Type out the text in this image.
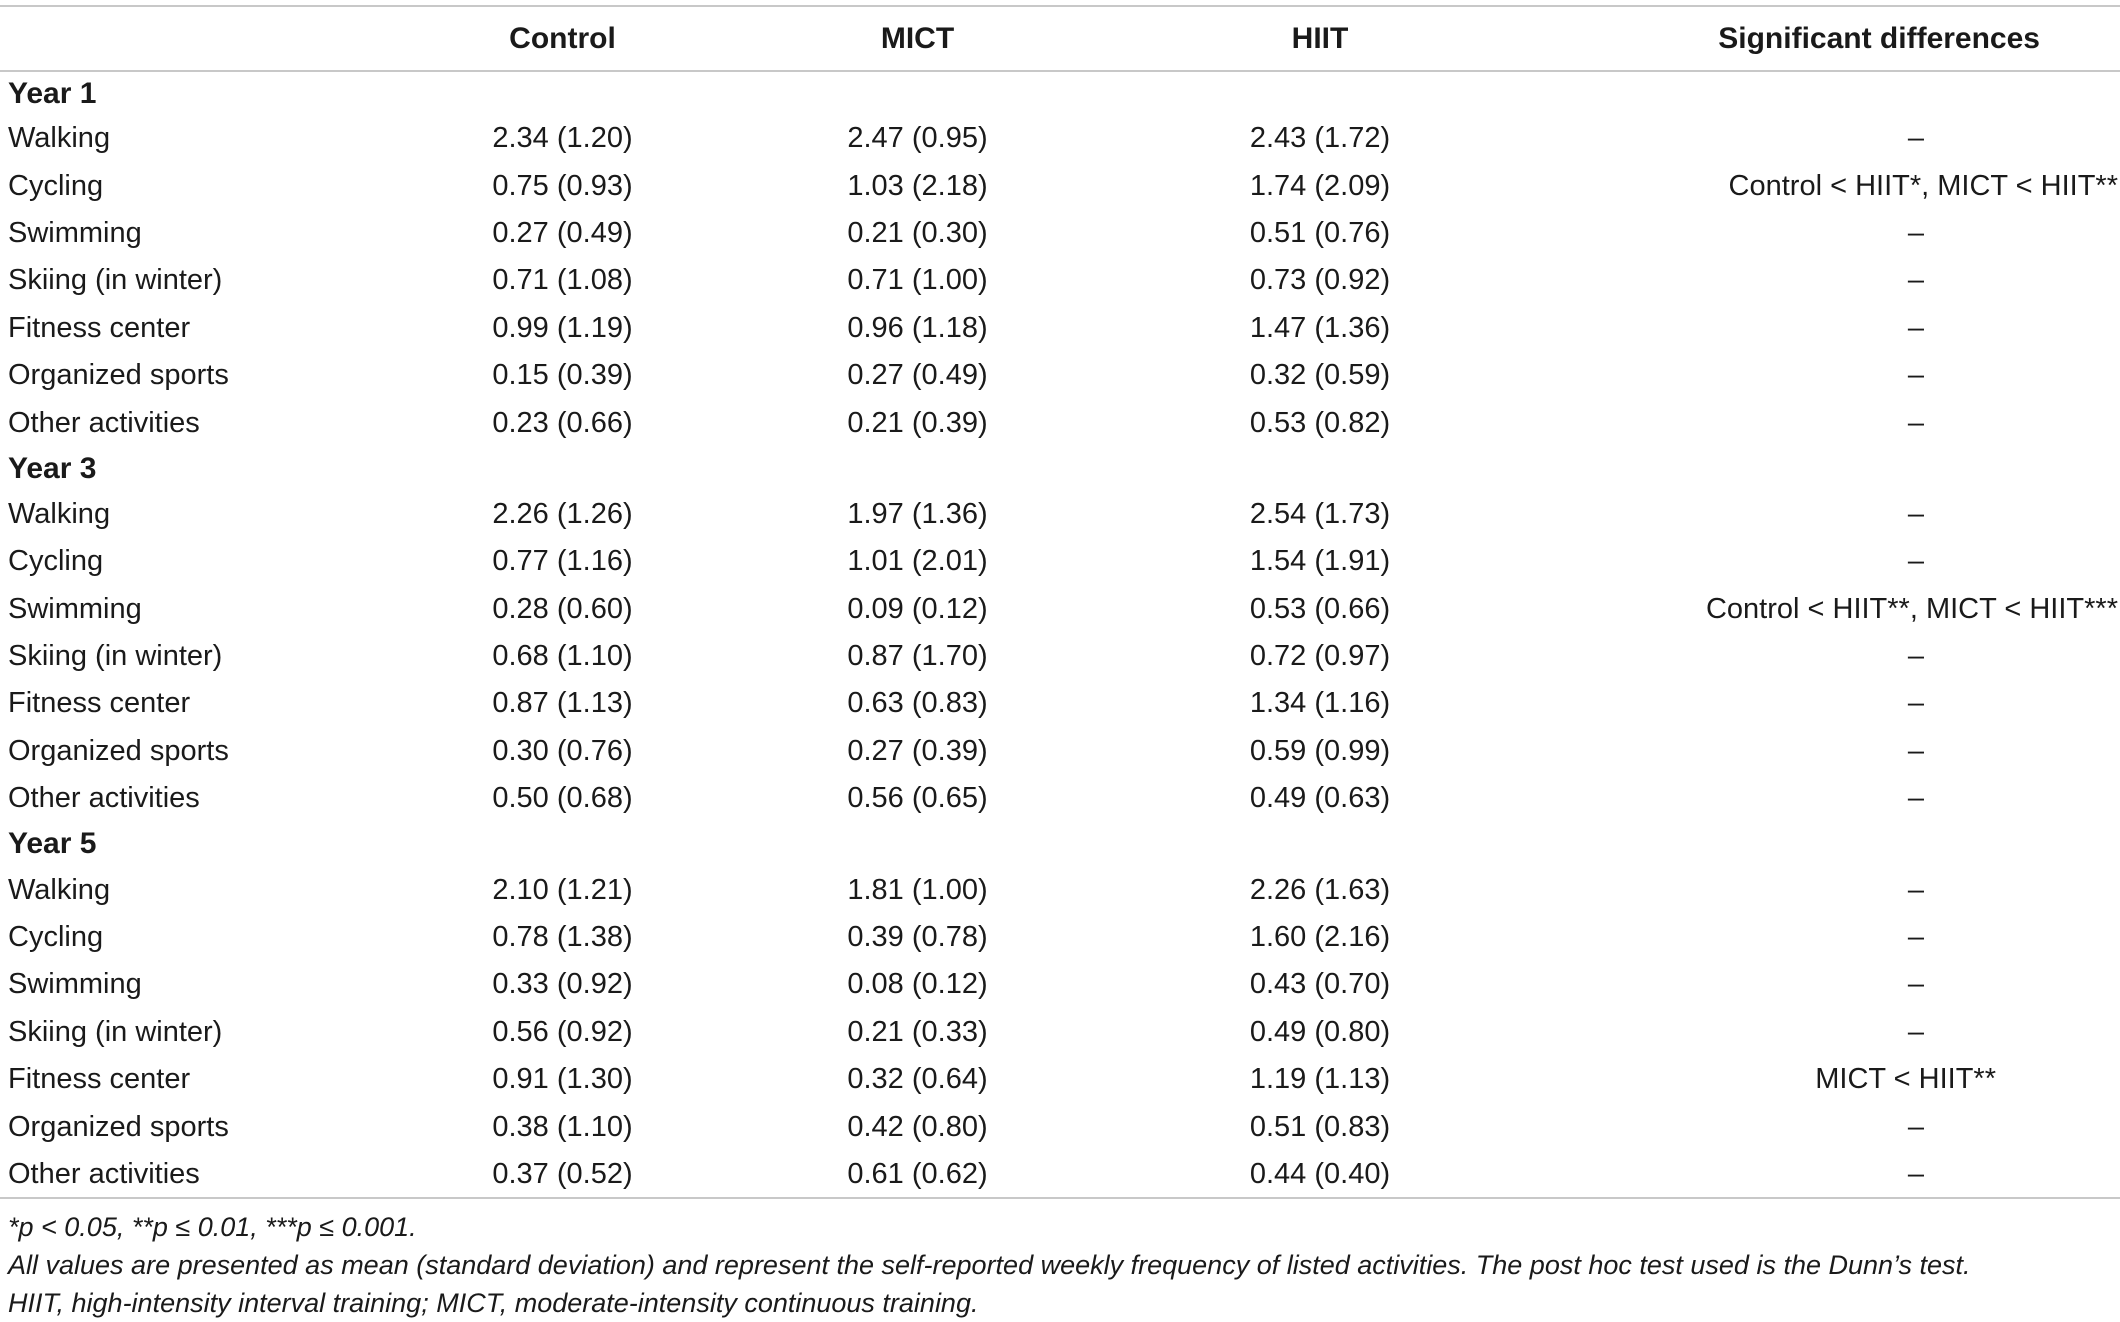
	Control	MICT	HIIT	Significant differences
Year 1				
Walking	2.34 (1.20)	2.47 (0.95)	2.43 (1.72)	–
Cycling	0.75 (0.93)	1.03 (2.18)	1.74 (2.09)	Control < HIIT*, MICT < HIIT**
Swimming	0.27 (0.49)	0.21 (0.30)	0.51 (0.76)	–
Skiing (in winter)	0.71 (1.08)	0.71 (1.00)	0.73 (0.92)	–
Fitness center	0.99 (1.19)	0.96 (1.18)	1.47 (1.36)	–
Organized sports	0.15 (0.39)	0.27 (0.49)	0.32 (0.59)	–
Other activities	0.23 (0.66)	0.21 (0.39)	0.53 (0.82)	–
Year 3				
Walking	2.26 (1.26)	1.97 (1.36)	2.54 (1.73)	–
Cycling	0.77 (1.16)	1.01 (2.01)	1.54 (1.91)	–
Swimming	0.28 (0.60)	0.09 (0.12)	0.53 (0.66)	Control < HIIT**, MICT < HIIT***
Skiing (in winter)	0.68 (1.10)	0.87 (1.70)	0.72 (0.97)	–
Fitness center	0.87 (1.13)	0.63 (0.83)	1.34 (1.16)	–
Organized sports	0.30 (0.76)	0.27 (0.39)	0.59 (0.99)	–
Other activities	0.50 (0.68)	0.56 (0.65)	0.49 (0.63)	–
Year 5				
Walking	2.10 (1.21)	1.81 (1.00)	2.26 (1.63)	–
Cycling	0.78 (1.38)	0.39 (0.78)	1.60 (2.16)	–
Swimming	0.33 (0.92)	0.08 (0.12)	0.43 (0.70)	–
Skiing (in winter)	0.56 (0.92)	0.21 (0.33)	0.49 (0.80)	–
Fitness center	0.91 (1.30)	0.32 (0.64)	1.19 (1.13)	MICT < HIIT**
Organized sports	0.38 (1.10)	0.42 (0.80)	0.51 (0.83)	–
Other activities	0.37 (0.52)	0.61 (0.62)	0.44 (0.40)	–
*p < 0.05, **p ≤ 0.01, ***p ≤ 0.001.
All values are presented as mean (standard deviation) and represent the self-reported weekly frequency of listed activities. The post hoc test used is the Dunn’s test.
HIIT, high-intensity interval training; MICT, moderate-intensity continuous training.
